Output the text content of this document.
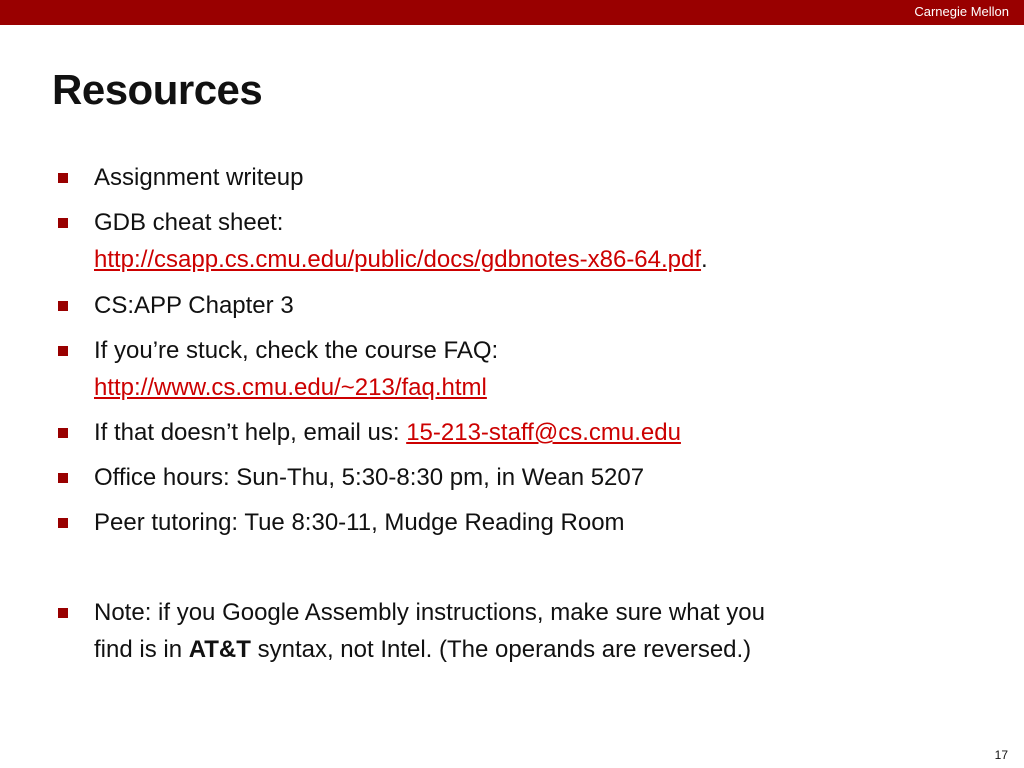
Carnegie Mellon
Resources
Assignment writeup
GDB cheat sheet:
http://csapp.cs.cmu.edu/public/docs/gdbnotes-x86-64.pdf.
CS:APP Chapter 3
If you’re stuck, check the course FAQ:
http://www.cs.cmu.edu/~213/faq.html
If that doesn’t help, email us: 15-213-staff@cs.cmu.edu
Office hours: Sun-Thu, 5:30-8:30 pm, in Wean 5207
Peer tutoring: Tue 8:30-11, Mudge Reading Room
Note: if you Google Assembly instructions, make sure what you
find is in AT&T syntax, not Intel. (The operands are reversed.)
17
